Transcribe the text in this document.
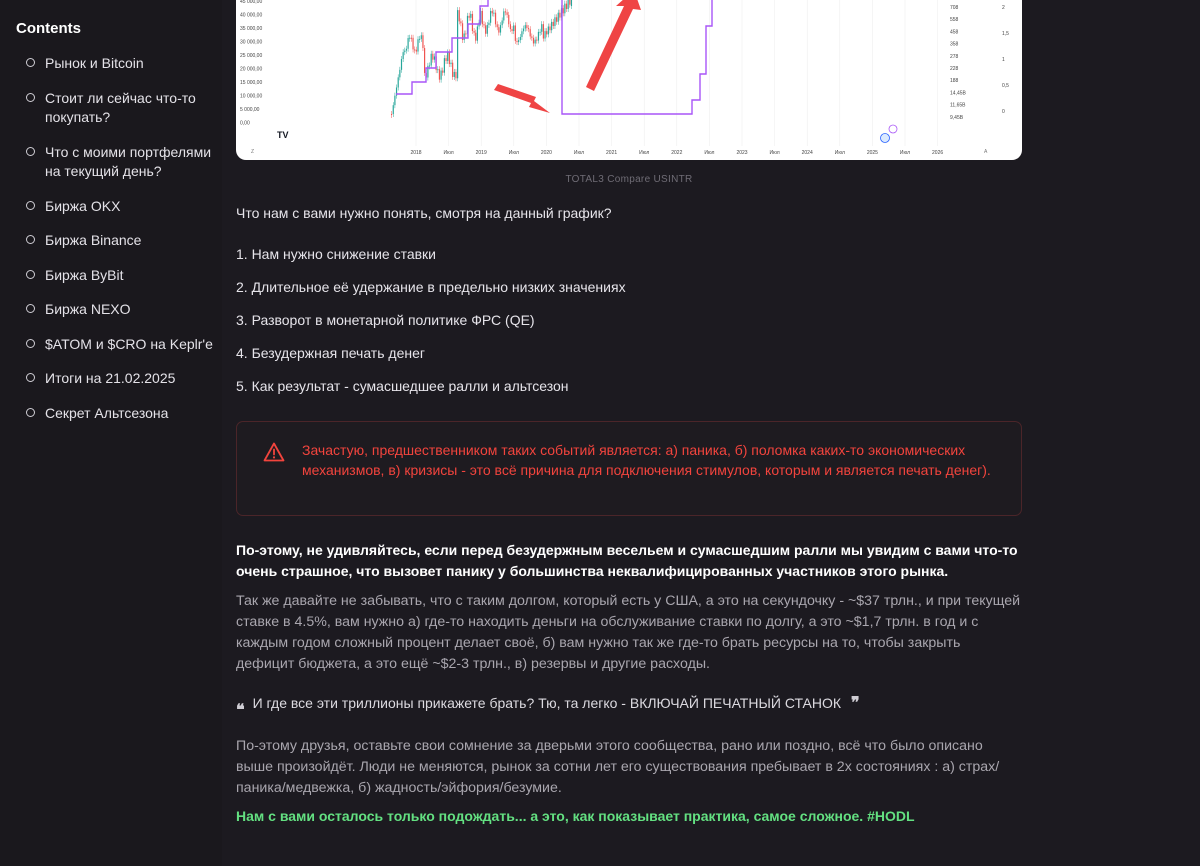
Contents
Рынок и Bitcoin
Стоит ли сейчас что-то покупать?
Что с моими портфелями на текущий день?
Биржа OKX
Биржа Binance
Биржа ByBit
Биржа NEXO
$ATOM и $CRO на Keplr'e
Итоги на 21.02.2025
Секрет Альтсезона
45 000,00
40 000,00
35 000,00
30 000,00
25 000,00
20 000,00
15 000,00
10 000,00
5 000,00
0,00
708
558
458
358
278
228
188
14,45B
11,65B
9,45B
2
1,5
1
0,5
0
2018	Июл	2019	Июл	2020	Июл	2021	Июл	2022	Июл	2023	Июл	2024	Июл	2025	Июл	2026
TV
Z	A
TOTAL3 Compare USINTR
Что нам с вами нужно понять, смотря на данный график?
1. Нам нужно снижение ставки
2. Длительное её удержание в предельно низких значениях
3. Разворот в монетарной политике ФРС (QE)
4. Безудержная печать денег
5. Как результат - сумасшедшее ралли и альтсезон
Зачастую, предшественником таких событий является: а) паника, б) поломка каких-то экономических механизмов, в) кризисы - это всё причина для подключения стимулов, которым и является печать денег).
По-этому, не удивляйтесь, если перед безудержным весельем и сумасшедшим ралли мы увидим с вами что-то очень страшное, что вызовет панику у большинства неквалифицированных участников этого рынка.
Так же давайте не забывать, что с таким долгом, который есть у США, а это на секундочку - ~$37 трлн., и при текущей ставке в 4.5%, вам нужно а) где-то находить деньги на обслуживание ставки по долгу, а это ~$1,7 трлн. в год и с каждым годом сложный процент делает своё, б) вам нужно так же где-то брать ресурсы на то, чтобы закрыть дефицит бюджета, а это ещё ~$2-3 трлн., в) резервы и другие расходы.
❞ И где все эти триллионы прикажете брать? Тю, та легко - ВКЛЮЧАЙ ПЕЧАТНЫЙ СТАНОК ❞
По-этому друзья, оставьте свои сомнение за дверьми этого сообщества, рано или поздно, всё что было описано выше произойдёт. Люди не меняются, рынок за сотни лет его существования пребывает в 2х состояниях : а) страх/паника/медвежка, б) жадность/эйфория/безумие.
Нам с вами осталось только подождать... а это, как показывает практика, самое сложное. #HODL
